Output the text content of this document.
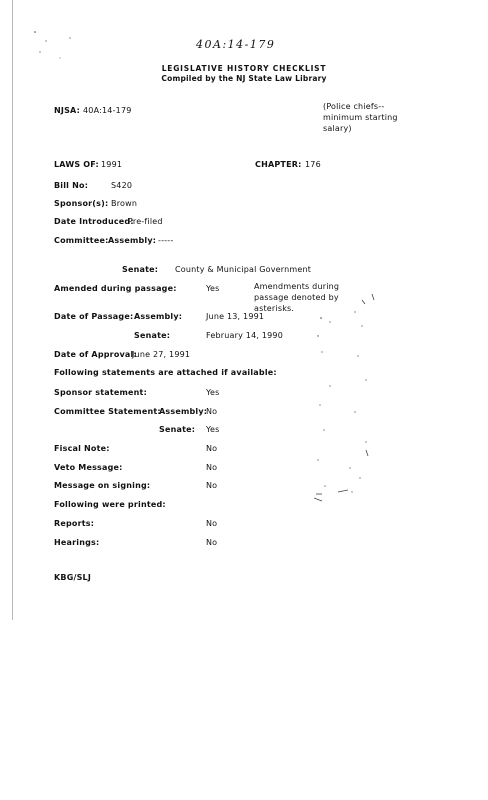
40A:14-179
LEGISLATIVE HISTORY CHECKLIST
Compiled by the NJ State Law Library
NJSA: 40A:14-179	(Police chiefs-- minimum starting salary)
LAWS OF: 1991	CHAPTER: 176
Bill No:	S420
Sponsor(s): Brown
Date Introduced:
Pre-filed
Committee: Assembly: -----
Senate: County & Municipal Government
Amended during passage:	Yes	Amendments during passage denoted by asterisks.
Date of Passage: Assembly:	June 13, 1991
Senate:	February 14, 1990
Date of Approval:
June 27, 1991
Following statements are attached if available:
Sponsor statement:	Yes
Committee Statement:
Assembly:
No
Senate: Yes
Fiscal Note:	No
Veto Message:	No
Message on signing:	No
Following were printed:
Reports:	No
Hearings:	No
KBG/SLJ
